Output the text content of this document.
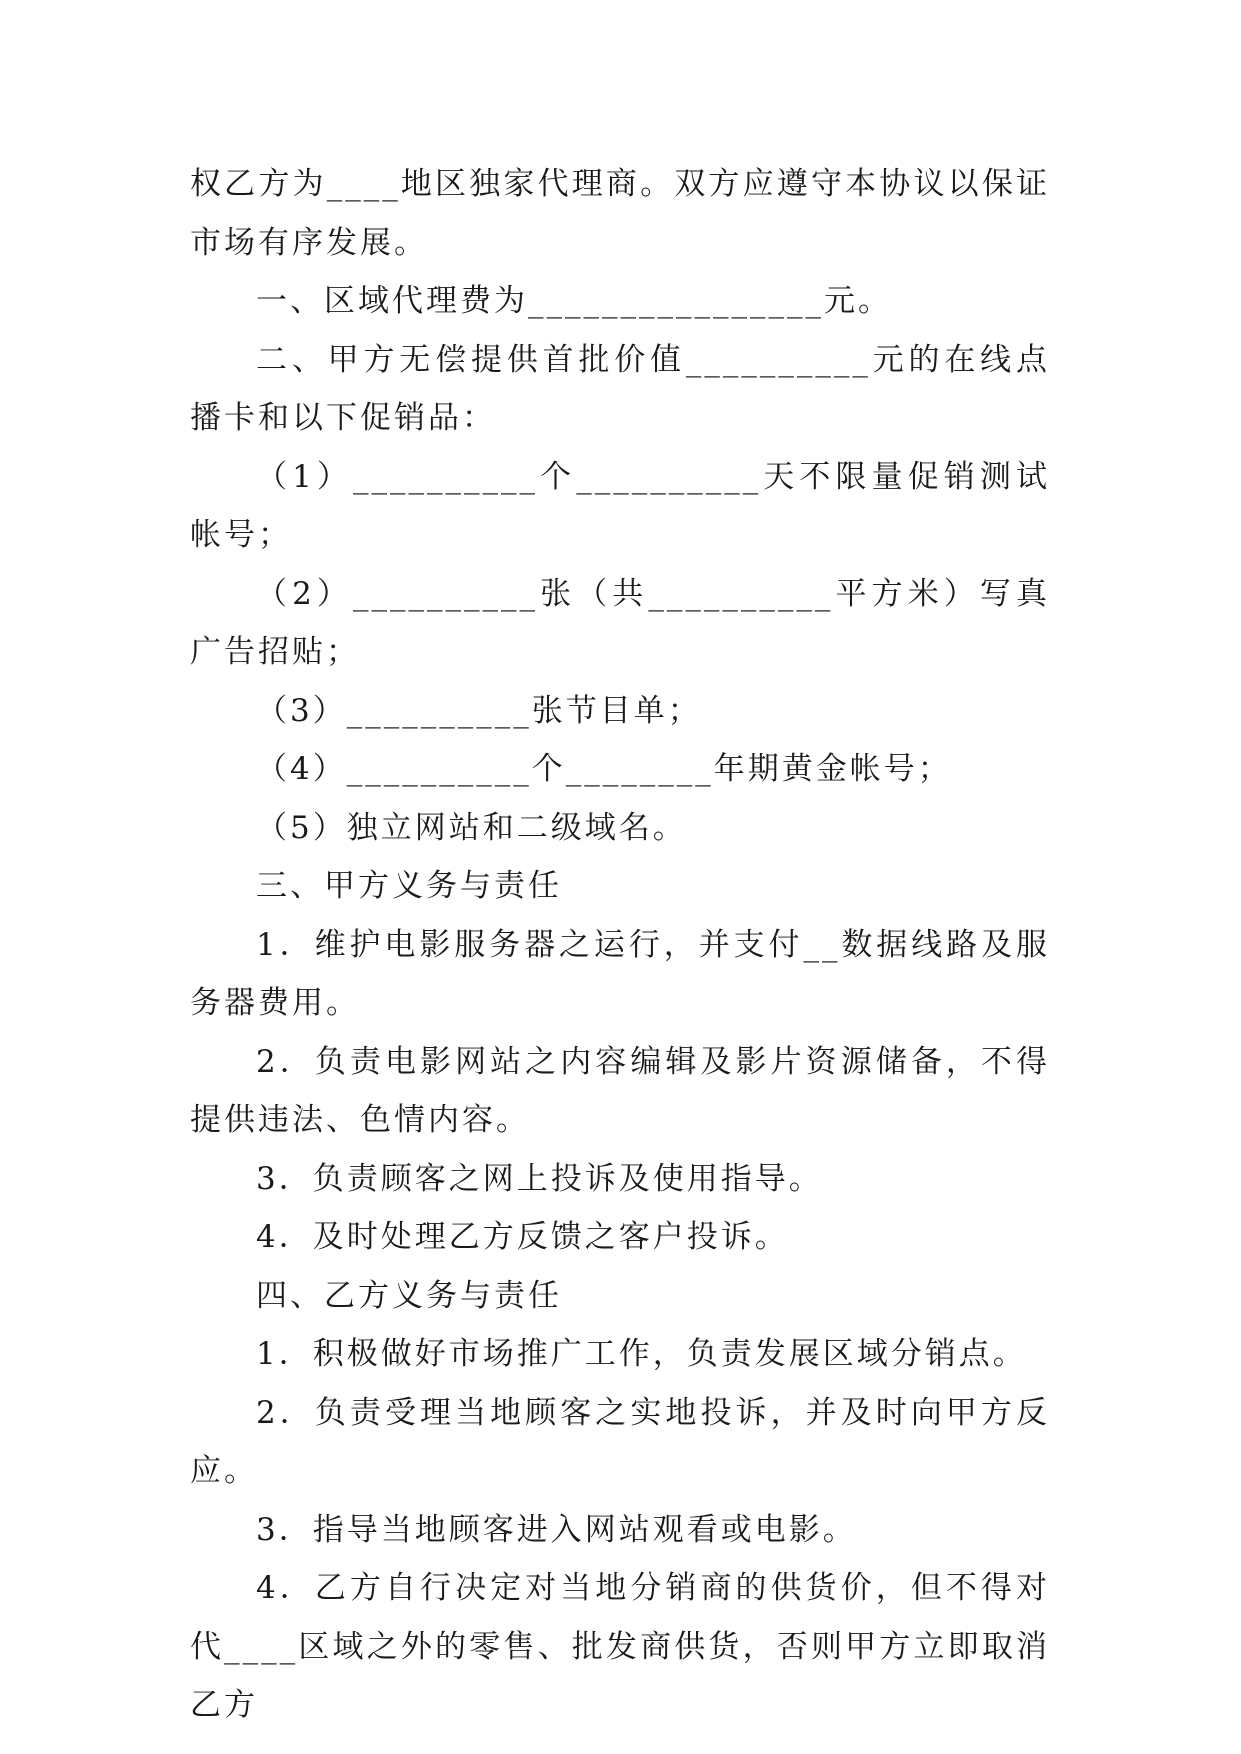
权乙方为____地区独家代理商。双方应遵守本协议以保证市场有序发展。

一、区域代理费为________________元。

二、甲方无偿提供首批价值__________元的在线点播卡和以下促销品：

（1）__________个__________天不限量促销测试帐号；

（2）__________张（共__________平方米）写真广告招贴；

（3）__________张节目单；

（4）__________个________年期黄金帐号；

（5）独立网站和二级域名。

三、甲方义务与责任

1．维护电影服务器之运行，并支付__数据线路及服务器费用。

2．负责电影网站之内容编辑及影片资源储备，不得提供违法、色情内容。

3．负责顾客之网上投诉及使用指导。

4．及时处理乙方反馈之客户投诉。

四、乙方义务与责任

1．积极做好市场推广工作，负责发展区域分销点。

2．负责受理当地顾客之实地投诉，并及时向甲方反应。

3．指导当地顾客进入网站观看或电影。

4．乙方自行决定对当地分销商的供货价，但不得对代____区域之外的零售、批发商供货，否则甲方立即取消乙方
